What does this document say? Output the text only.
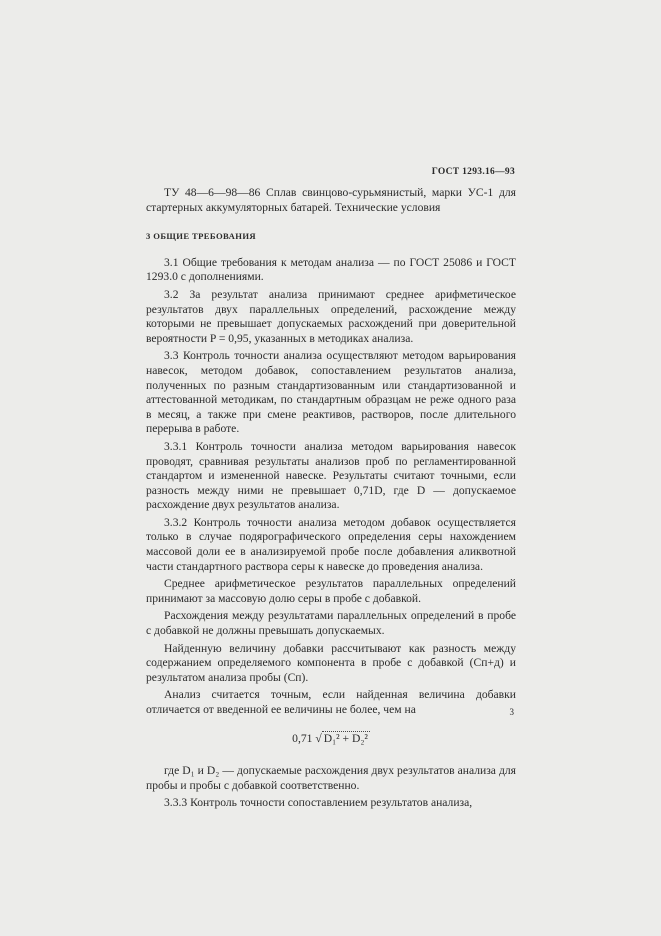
ГОСТ 1293.16—93

ТУ 48—6—98—86 Сплав свинцово-сурьмянистый, марки УС-1 для стартерных аккумуляторных батарей. Технические условия

3 ОБЩИЕ ТРЕБОВАНИЯ

3.1 Общие требования к методам анализа — по ГОСТ 25086 и ГОСТ 1293.0 с дополнениями.

3.2 За результат анализа принимают среднее арифметическое результатов двух параллельных определений, расхождение между которыми не превышает допускаемых расхождений при доверительной вероятности P = 0,95, указанных в методиках анализа.

3.3 Контроль точности анализа осуществляют методом варьирования навесок, методом добавок, сопоставлением результатов анализа, полученных по разным стандартизованным или стандартизованной и аттестованной методикам, по стандартным образцам не реже одного раза в месяц, а также при смене реактивов, растворов, после длительного перерыва в работе.

3.3.1 Контроль точности анализа методом варьирования навесок проводят, сравнивая результаты анализов проб по регламентированной стандартом и измененной навеске. Результаты считают точными, если разность между ними не превышает 0,71D, где D — допускаемое расхождение двух результатов анализа.

3.3.2 Контроль точности анализа методом добавок осуществляется только в случае подярографического определения серы нахождением массовой доли ее в анализируемой пробе после добавления аликвотной части стандартного раствора серы к навеске до проведения анализа.

Среднее арифметическое результатов параллельных определений принимают за массовую долю серы в пробе с добавкой.

Расхождения между результатами параллельных определений в пробе с добавкой не должны превышать допускаемых.

Найденную величину добавки рассчитывают как разность между содержанием определяемого компонента в пробе с добавкой (Cп+д) и результатом анализа пробы (Cп).

Анализ считается точным, если найденная величина добавки отличается от введенной ее величины не более, чем на

0,71 √ D₁² + D₂²

где D₁ и D₂ — допускаемые расхождения двух результатов анализа для пробы и пробы с добавкой соответственно.

3.3.3 Контроль точности сопоставлением результатов анализа,

3
